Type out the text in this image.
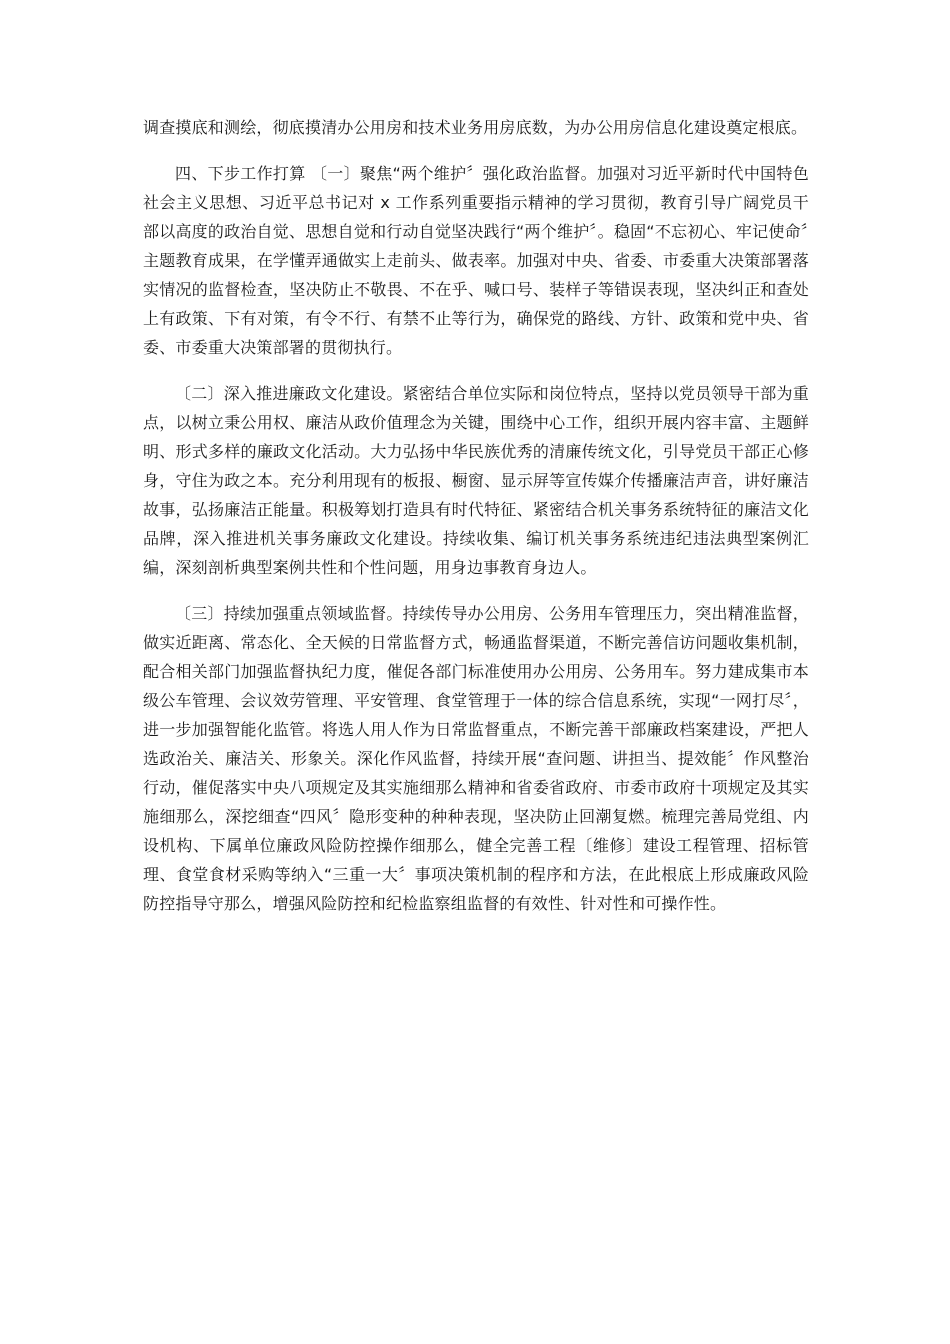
调查摸底和测绘，彻底摸清办公用房和技术业务用房底数，为办公用房信息化建设奠定根底。

四、下步工作打算 〔一〕聚焦“两个维护〞强化政治监督。加强对习近平新时代中国特色社会主义思想、习近平总书记对 x 工作系列重要指示精神的学习贯彻，教育引导广阔党员干部以高度的政治自觉、思想自觉和行动自觉坚决践行“两个维护〞。稳固“不忘初心、牢记使命〞主题教育成果，在学懂弄通做实上走前头、做表率。加强对中央、省委、市委重大决策部署落实情况的监督检查，坚决防止不敬畏、不在乎、喊口号、装样子等错误表现，坚决纠正和查处上有政策、下有对策，有令不行、有禁不止等行为，确保党的路线、方针、政策和党中央、省委、市委重大决策部署的贯彻执行。

〔二〕深入推进廉政文化建设。紧密结合单位实际和岗位特点，坚持以党员领导干部为重点，以树立秉公用权、廉洁从政价值理念为关键，围绕中心工作，组织开展内容丰富、主题鲜明、形式多样的廉政文化活动。大力弘扬中华民族优秀的清廉传统文化，引导党员干部正心修身，守住为政之本。充分利用现有的板报、橱窗、显示屏等宣传媒介传播廉洁声音，讲好廉洁故事，弘扬廉洁正能量。积极筹划打造具有时代特征、紧密结合机关事务系统特征的廉洁文化品牌，深入推进机关事务廉政文化建设。持续收集、编订机关事务系统违纪违法典型案例汇编，深刻剖析典型案例共性和个性问题，用身边事教育身边人。

〔三〕持续加强重点领域监督。持续传导办公用房、公务用车管理压力，突出精准监督，做实近距离、常态化、全天候的日常监督方式，畅通监督渠道，不断完善信访问题收集机制，配合相关部门加强监督执纪力度，催促各部门标准使用办公用房、公务用车。努力建成集市本级公车管理、会议效劳管理、平安管理、食堂管理于一体的综合信息系统，实现“一网打尽〞，进一步加强智能化监管。将选人用人作为日常监督重点，不断完善干部廉政档案建设，严把人选政治关、廉洁关、形象关。深化作风监督，持续开展“查问题、讲担当、提效能〞作风整治行动，催促落实中央八项规定及其实施细那么精神和省委省政府、市委市政府十项规定及其实施细那么，深挖细查“四风〞隐形变种的种种表现，坚决防止回潮复燃。梳理完善局党组、内设机构、下属单位廉政风险防控操作细那么，健全完善工程〔维修〕建设工程管理、招标管理、食堂食材采购等纳入“三重一大〞事项决策机制的程序和方法，在此根底上形成廉政风险防控指导守那么，增强风险防控和纪检监察组监督的有效性、针对性和可操作性。
